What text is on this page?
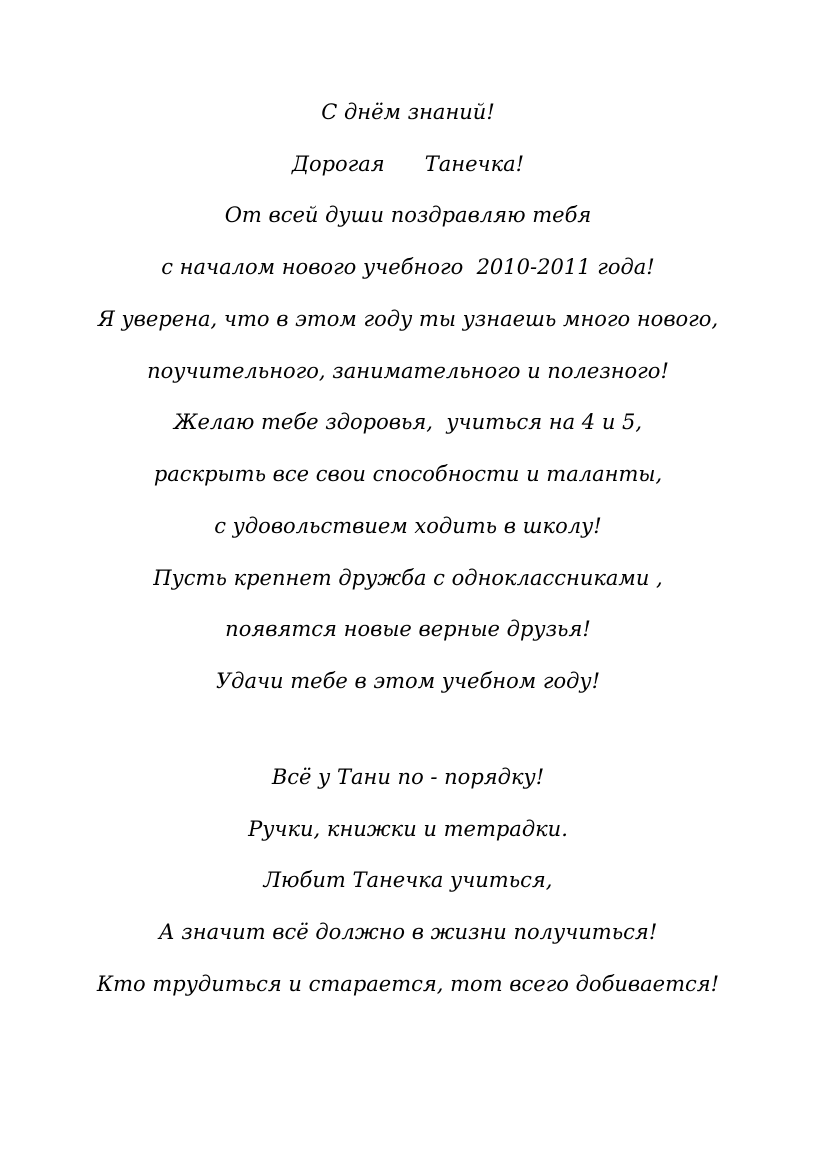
С днём знаний!
Дорогая      Танечка!
От всей души поздравляю тебя
с началом нового учебного  2010-2011 года!
Я уверена, что в этом году ты узнаешь много нового,
поучительного, занимательного и полезного!
Желаю тебе здоровья,  учиться на 4 и 5,
раскрыть все свои способности и таланты,
с удовольствием ходить в школу!
Пусть крепнет дружба с одноклассниками ,
появятся новые верные друзья!
Удачи тебе в этом учебном году!
Всё у Тани по - порядку!
Ручки, книжки и тетрадки.
Любит Танечка учиться,
А значит всё должно в жизни получиться!
Кто трудиться и старается, тот всего добивается!
